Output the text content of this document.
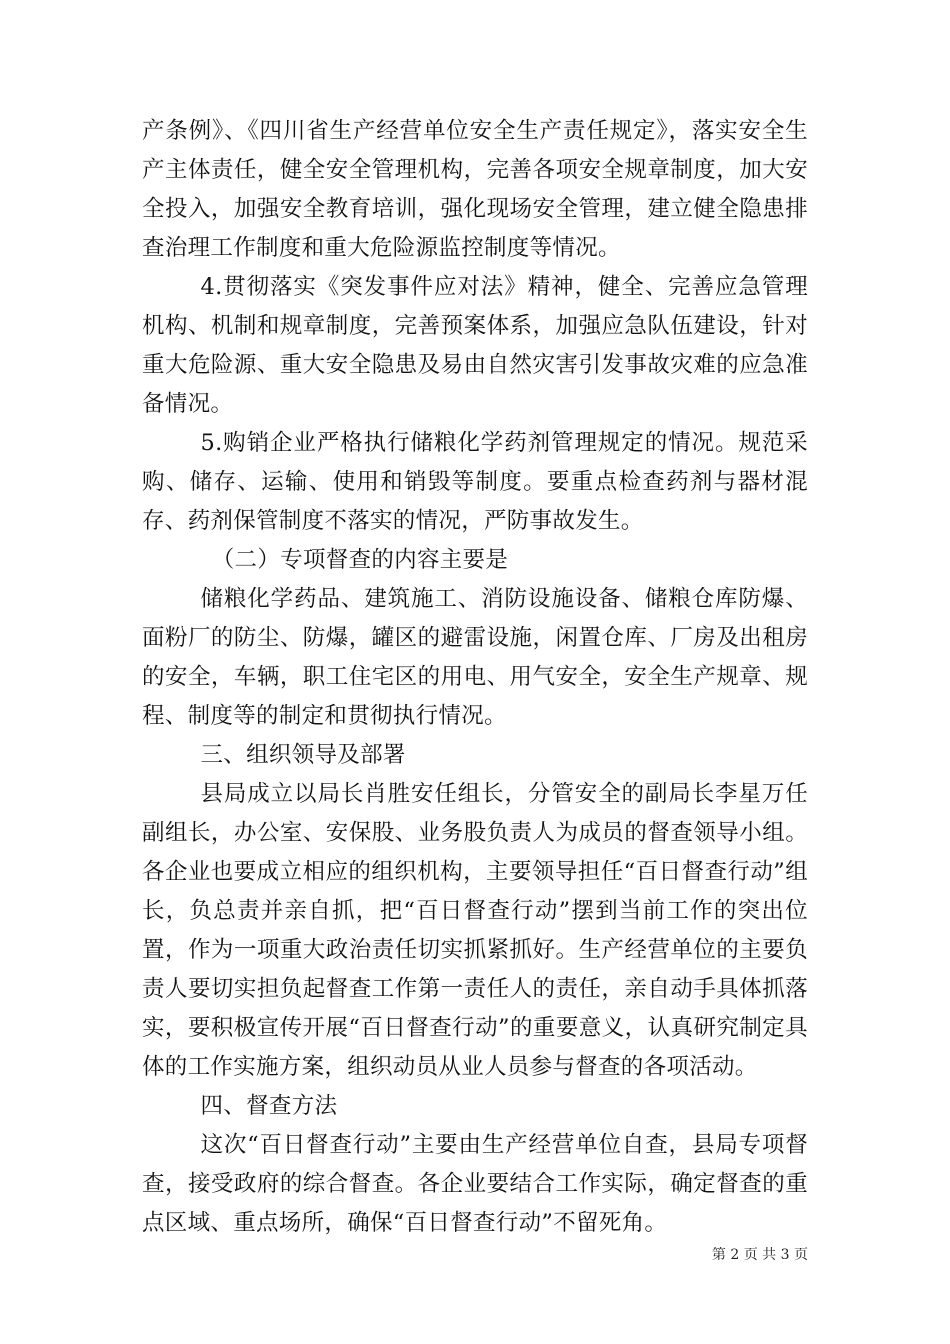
产条例》、《四川省生产经营单位安全生产责任规定》，落实安全生产主体责任，健全安全管理机构，完善各项安全规章制度，加大安全投入，加强安全教育培训，强化现场安全管理，建立健全隐患排查治理工作制度和重大危险源监控制度等情况。

4.贯彻落实《突发事件应对法》精神，健全、完善应急管理机构、机制和规章制度，完善预案体系，加强应急队伍建设，针对重大危险源、重大安全隐患及易由自然灾害引发事故灾难的应急准备情况。

5.购销企业严格执行储粮化学药剂管理规定的情况。规范采购、储存、运输、使用和销毁等制度。要重点检查药剂与器材混存、药剂保管制度不落实的情况，严防事故发生。

（二）专项督查的内容主要是

储粮化学药品、建筑施工、消防设施设备、储粮仓库防爆、面粉厂的防尘、防爆，罐区的避雷设施，闲置仓库、厂房及出租房的安全，车辆，职工住宅区的用电、用气安全，安全生产规章、规程、制度等的制定和贯彻执行情况。

三、组织领导及部署

县局成立以局长肖胜安任组长，分管安全的副局长李星万任副组长，办公室、安保股、业务股负责人为成员的督查领导小组。各企业也要成立相应的组织机构，主要领导担任“百日督查行动”组长，负总责并亲自抓，把“百日督查行动”摆到当前工作的突出位置，作为一项重大政治责任切实抓紧抓好。生产经营单位的主要负责人要切实担负起督查工作第一责任人的责任，亲自动手具体抓落实，要积极宣传开展“百日督查行动”的重要意义，认真研究制定具体的工作实施方案，组织动员从业人员参与督查的各项活动。

四、督查方法

这次“百日督查行动”主要由生产经营单位自查，县局专项督查，接受政府的综合督查。各企业要结合工作实际，确定督查的重点区域、重点场所，确保“百日督查行动”不留死角。

第 2 页 共 3 页
